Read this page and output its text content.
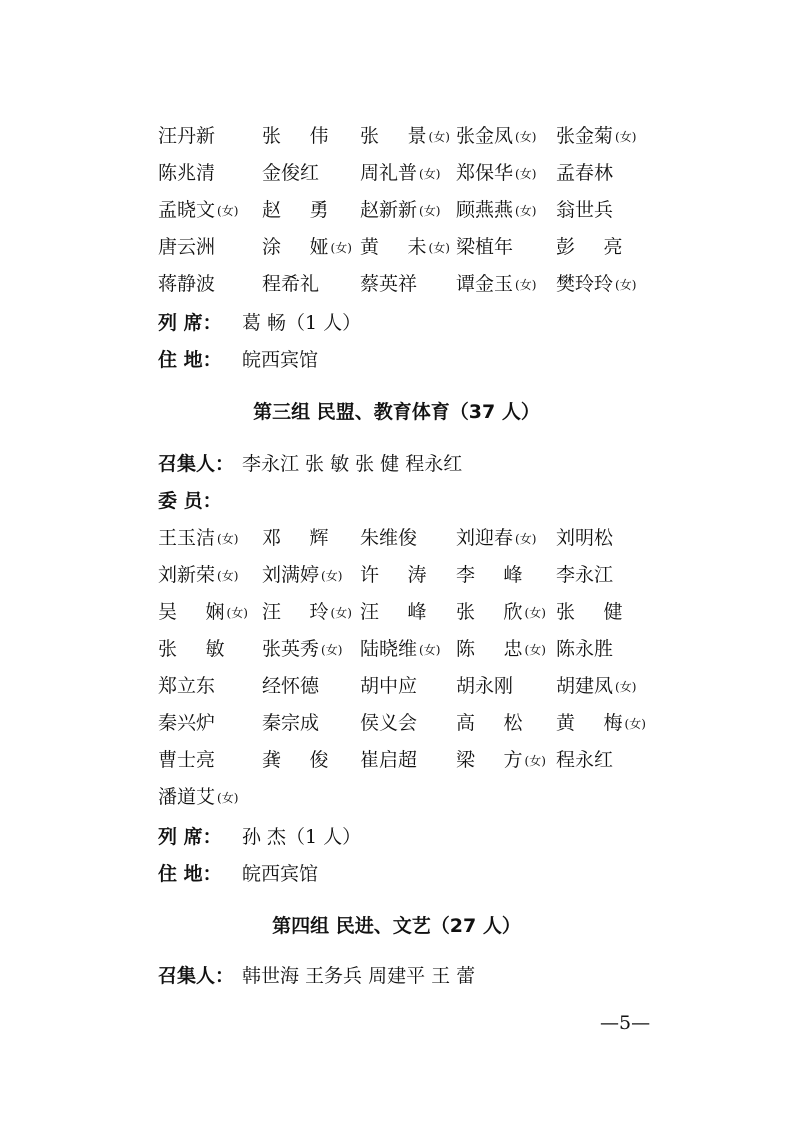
汪丹新 张  伟 张  景 (女) 张金凤 (女) 张金菊 (女)
陈兆清 金俊红 周礼普 (女) 郑保华 (女) 孟春林
孟晓文 (女) 赵  勇 赵新新 (女) 顾燕燕 (女) 翁世兵
唐云洲 涂  娅 (女) 黄  未 (女) 梁植年 彭  亮
蒋静波 程希礼 蔡英祥 谭金玉 (女) 樊玲玲 (女)
列 席： 葛 畅（1 人）
住 地： 皖西宾馆
第三组 民盟、教育体育（37 人）
召集人： 李永江 张 敏 张 健 程永红
委 员：
王玉洁 (女) 邓  辉 朱维俊 刘迎春 (女) 刘明松
刘新荣 (女) 刘满婷 (女) 许  涛 李  峰 李永江
吴  娴 (女) 汪  玲 (女) 汪  峰 张  欣 (女) 张  健
张  敏 张英秀 (女) 陆晓维 (女) 陈  忠 (女) 陈永胜
郑立东 经怀德 胡中应 胡永刚 胡建凤 (女)
秦兴炉 秦宗成 侯义会 高  松 黄  梅 (女)
曹士亮 龚  俊 崔启超 梁  方 (女) 程永红
潘道艾 (女)
列 席： 孙 杰（1 人）
住 地： 皖西宾馆
第四组 民进、文艺（27 人）
召集人： 韩世海 王务兵 周建平 王 蕾
—5—
